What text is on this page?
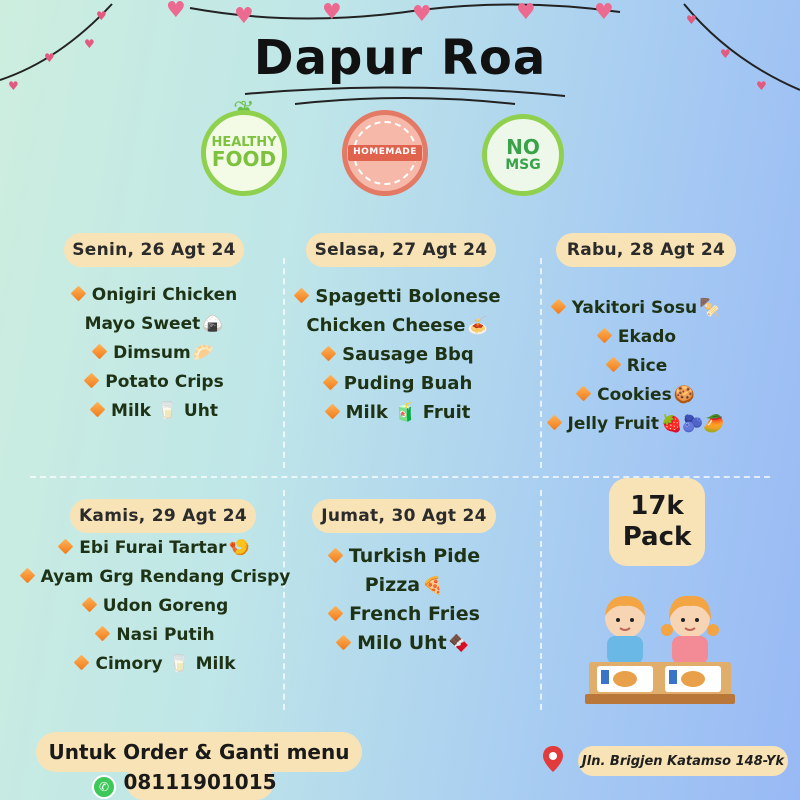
♥ ♥	♥	♥	♥	♥
♥
♥
♥
♥	♥
♥
♥
Dapur Roa
HEALTHY
FOOD	HOMEMADE	NO
MSG
Senin, 26 Agt 24	Selasa, 27 Agt 24	Rabu, 28 Agt 24
Kamis, 29 Agt 24	Jumat, 30 Agt 24
Onigiri Chicken
Mayo Sweet 🍙
Dimsum 🥟
Potato Crips
Milk 🥛 Uht
Spagetti Bolonese
Chicken Cheese 🍝
Sausage Bbq
Puding Buah
Milk 🧃 Fruit
Yakitori Sosu 🍢
Ekado
Rice
Cookies 🍪
Jelly Fruit 🍓🫐🥭
Ebi Furai Tartar 🍤
Ayam Grg Rendang Crispy
Udon Goreng
Nasi Putih
Cimory 🥛 Milk
Turkish Pide
Pizza 🍕
French Fries
Milo Uht 🍫
17k
Pack
Untuk Order & Ganti menu
08111901015
✆
Jln. Brigjen Katamso 148-Yk
